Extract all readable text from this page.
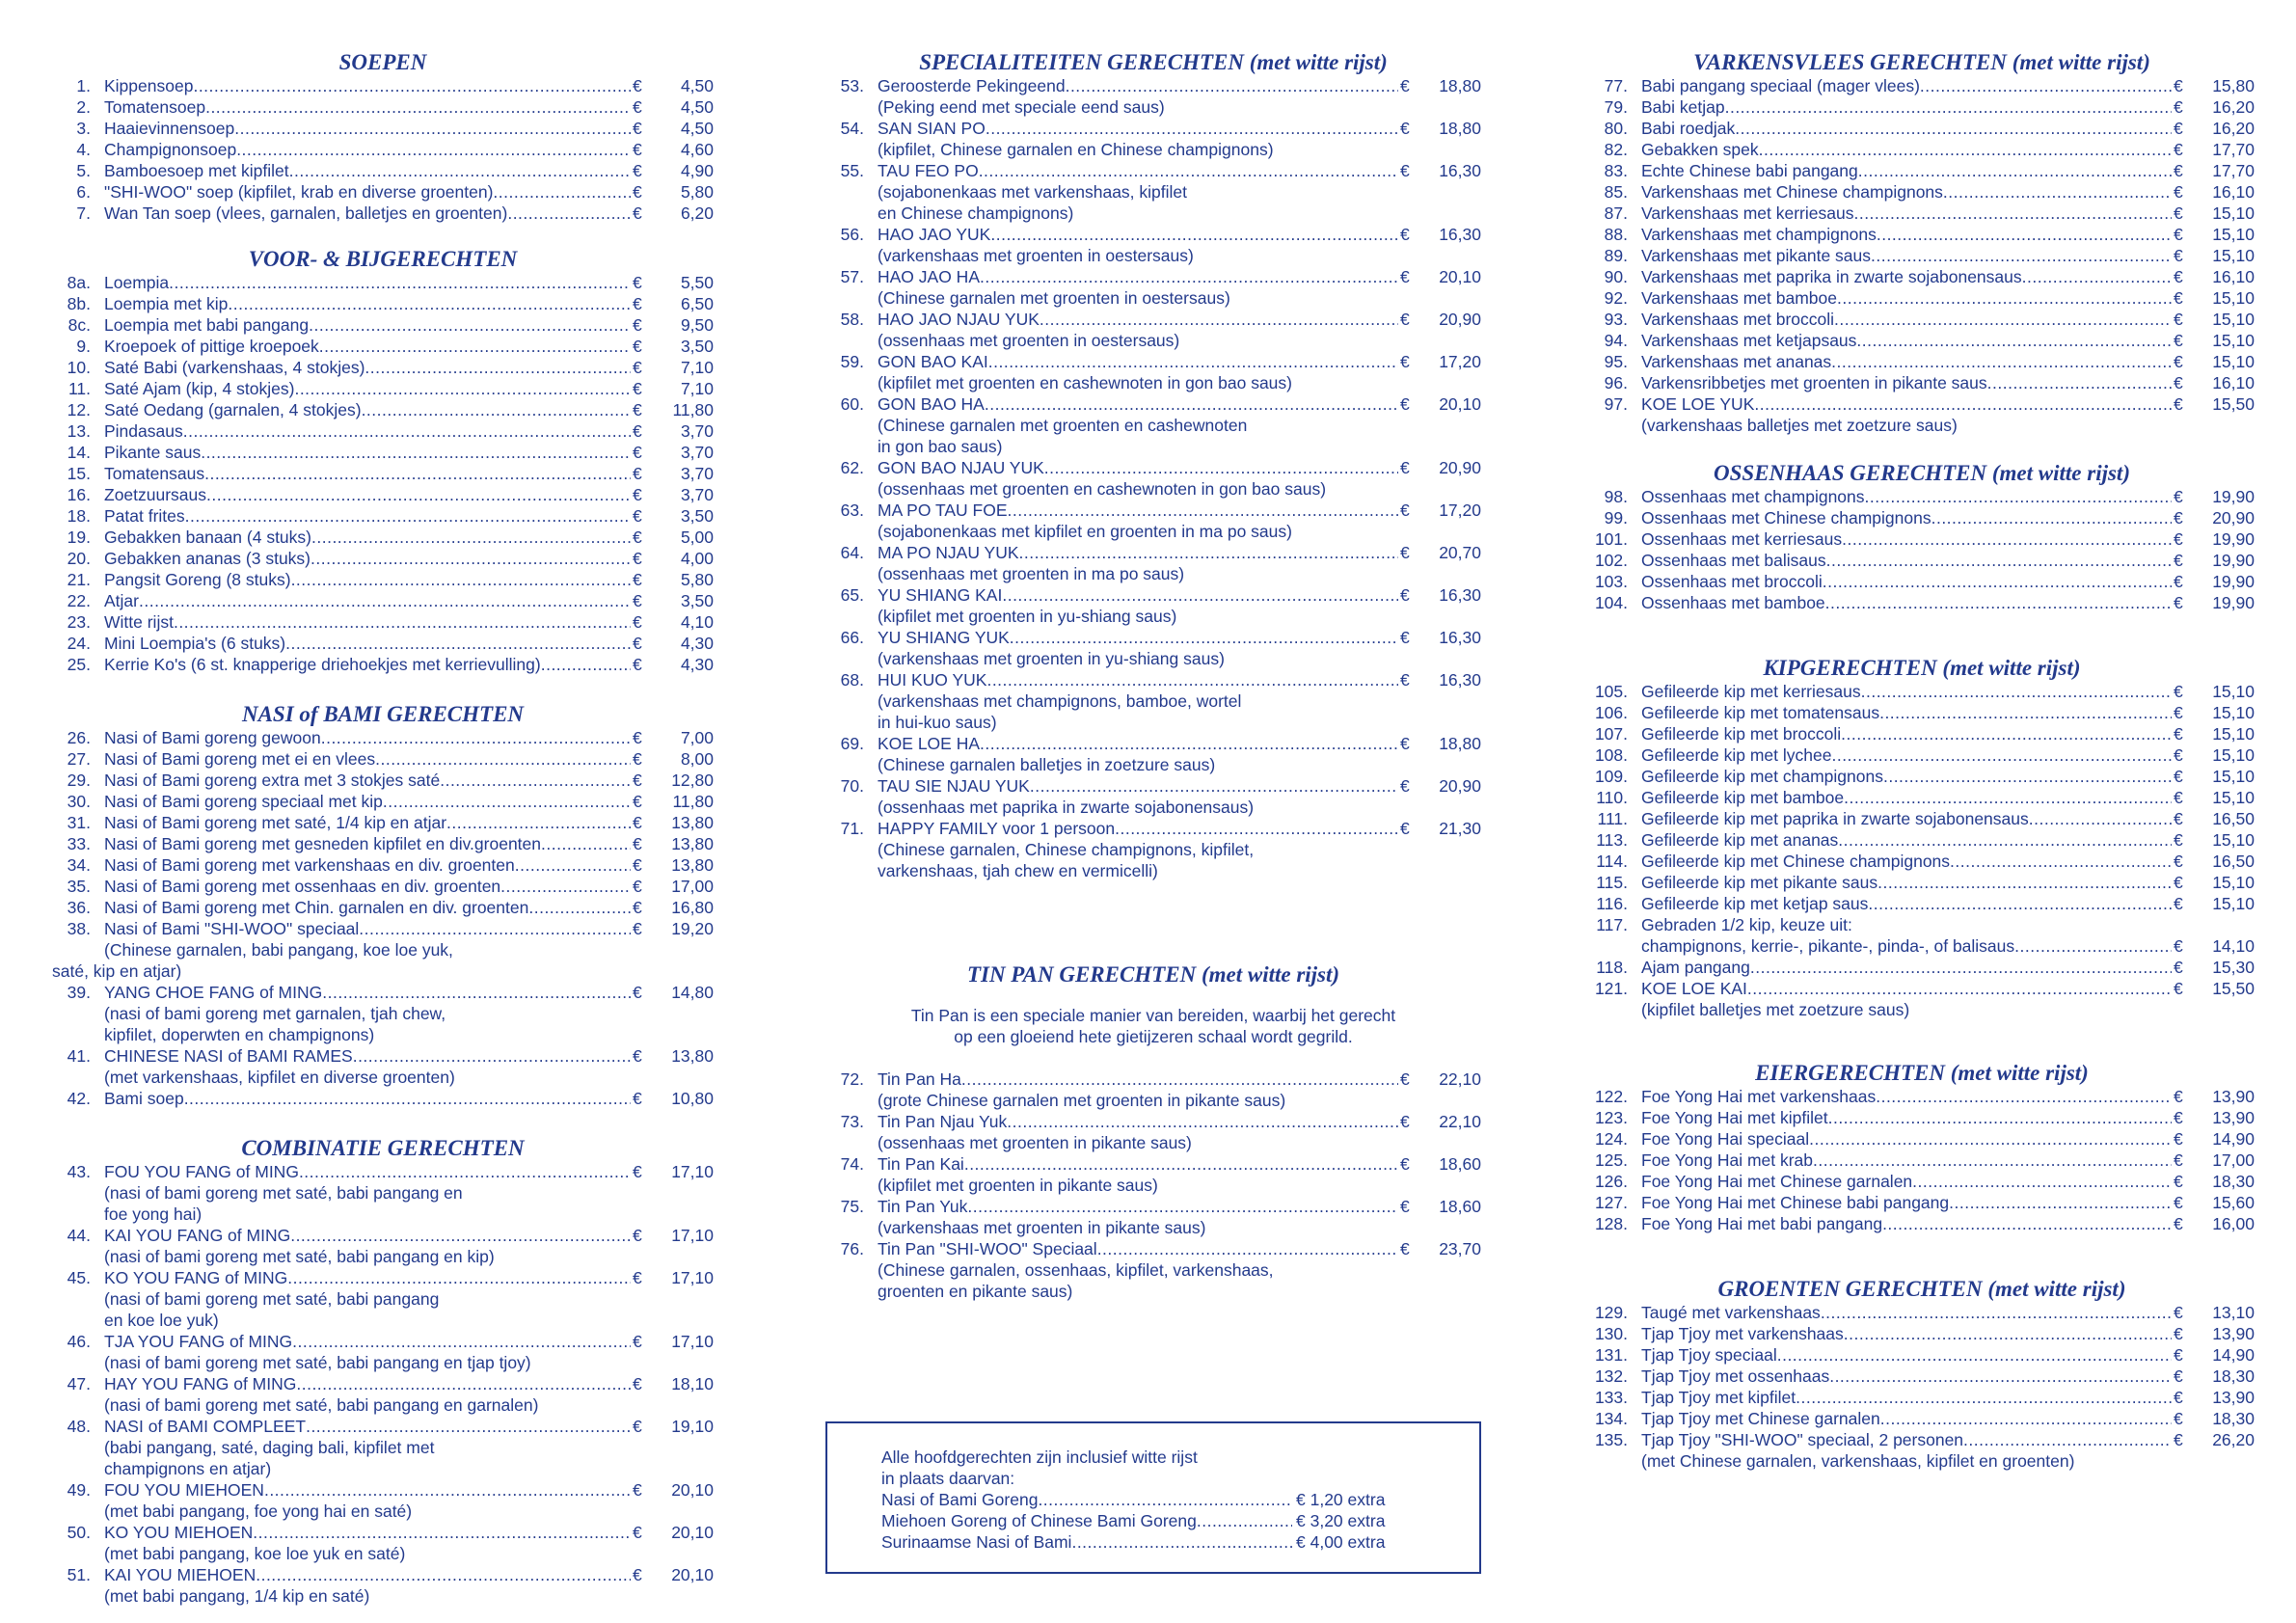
SOEPEN
1. Kippensoep .....	€	4,50
2. Tomatensoep .....	€	4,50
3. Haaievinnensoep .....	€	4,50
4. Champignonsoep .....	€	4,60
5. Bamboesoep met kipfilet .....	€	4,90
6. "SHI-WOO" soep (kipfilet, krab en diverse groenten) .....	€	5,80
7. Wan Tan soep (vlees, garnalen, balletjes en groenten) .....	€	6,20
VOOR- & BIJGERECHTEN
8a. Loempia .....	€	5,50
8b. Loempia met kip .....	€	6,50
8c. Loempia met babi pangang .....	€	9,50
9. Kroepoek of pittige kroepoek .....	€	3,50
10. Saté Babi (varkenshaas, 4 stokjes) .....	€	7,10
11. Saté Ajam (kip, 4 stokjes) .....	€	7,10
12. Saté Oedang (garnalen, 4 stokjes) .....	€	11,80
13. Pindasaus .....	€	3,70
14. Pikante saus .....	€	3,70
15. Tomatensaus .....	€	3,70
16. Zoetzuursaus .....	€	3,70
18. Patat frites .....	€	3,50
19. Gebakken banaan (4 stuks) .....	€	5,00
20. Gebakken ananas (3 stuks) .....	€	4,00
21. Pangsit Goreng (8 stuks) .....	€	5,80
22. Atjar .....	€	3,50
23. Witte rijst .....	€	4,10
24. Mini Loempia's (6 stuks) .....	€	4,30
25. Kerrie Ko's (6 st. knapperige driehoekjes met kerrievulling) .....	€	4,30
NASI of BAMI GERECHTEN
26. Nasi of Bami goreng gewoon .....	€	7,00
27. Nasi of Bami goreng met ei en vlees .....	€	8,00
29. Nasi of Bami goreng extra met 3 stokjes saté .....	€	12,80
30. Nasi of Bami goreng speciaal met kip .....	€	11,80
31. Nasi of Bami goreng met saté, 1/4 kip en atjar .....	€	13,80
33. Nasi of Bami goreng met gesneden kipfilet en div.groenten .....	€	13,80
34. Nasi of Bami goreng met varkenshaas en div. groenten .....	€	13,80
35. Nasi of Bami goreng met ossenhaas en div. groenten .....	€	17,00
36. Nasi of Bami goreng met Chin. garnalen en div. groenten .....	€	16,80
38. Nasi of Bami "SHI-WOO" speciaal .....	€	19,20
(Chinese garnalen, babi pangang, koe loe yuk,
saté, kip en atjar)
39. YANG CHOE FANG of MING .....	€	14,80
(nasi of bami goreng met garnalen, tjah chew,
kipfilet, doperwten en champignons)
41. CHINESE NASI of BAMI RAMES .....	€	13,80
(met varkenshaas, kipfilet en diverse groenten)
42. Bami soep .....	€	10,80
COMBINATIE GERECHTEN
43. FOU YOU FANG of MING .....	€	17,10
(nasi of bami goreng met saté, babi pangang en
foe yong hai)
44. KAI YOU FANG of MING .....	€	17,10
(nasi of bami goreng met saté, babi pangang en kip)
45. KO YOU FANG of MING .....	€	17,10
(nasi of bami goreng met saté, babi pangang
en koe loe yuk)
46. TJA YOU FANG of MING .....	€	17,10
(nasi of bami goreng met saté, babi pangang en tjap tjoy)
47. HAY YOU FANG of MING .....	€	18,10
(nasi of bami goreng met saté, babi pangang en garnalen)
48. NASI of BAMI COMPLEET .....	€	19,10
(babi pangang, saté, daging bali, kipfilet met
champignons en atjar)
49. FOU YOU MIEHOEN .....	€	20,10
(met babi pangang, foe yong hai en saté)
50. KO YOU MIEHOEN .....	€	20,10
(met babi pangang, koe loe yuk en saté)
51. KAI YOU MIEHOEN .....	€	20,10
(met babi pangang, 1/4 kip en saté)
SPECIALITEITEN GERECHTEN (met witte rijst)
53. Geroosterde Pekingeend .....	€	18,80
(Peking eend met speciale eend saus)
54. SAN SIAN PO .....	€	18,80
(kipfilet, Chinese garnalen en Chinese champignons)
55. TAU FEO PO .....	€	16,30
(sojabonenkaas met varkenshaas, kipfilet
en Chinese champignons)
56. HAO JAO YUK .....	€	16,30
(varkenshaas met groenten in oestersaus)
57. HAO JAO HA .....	€	20,10
(Chinese garnalen met groenten in oestersaus)
58. HAO JAO NJAU YUK .....	€	20,90
(ossenhaas met groenten in oestersaus)
59. GON BAO KAI .....	€	17,20
(kipfilet met groenten en cashewnoten in gon bao saus)
60. GON BAO HA .....	€	20,10
(Chinese garnalen met groenten en cashewnoten
in gon bao saus)
62. GON BAO NJAU YUK .....	€	20,90
(ossenhaas met groenten en cashewnoten in gon bao saus)
63. MA PO TAU FOE .....	€	17,20
(sojabonenkaas met kipfilet en groenten in ma po saus)
64. MA PO NJAU YUK .....	€	20,70
(ossenhaas met groenten in ma po saus)
65. YU SHIANG KAI .....	€	16,30
(kipfilet met groenten in yu-shiang saus)
66. YU SHIANG YUK .....	€	16,30
(varkenshaas met groenten in yu-shiang saus)
68. HUI KUO YUK .....	€	16,30
(varkenshaas met champignons, bamboe, wortel
in hui-kuo saus)
69. KOE LOE HA .....	€	18,80
(Chinese garnalen balletjes in zoetzure saus)
70. TAU SIE NJAU YUK .....	€	20,90
(ossenhaas met paprika in zwarte sojabonensaus)
71. HAPPY FAMILY voor 1 persoon .....	€	21,30
(Chinese garnalen, Chinese champignons, kipfilet,
varkenshaas, tjah chew en vermicelli)
TIN PAN GERECHTEN (met witte rijst)
Tin Pan is een speciale manier van bereiden, waarbij het gerecht
op een gloeiend hete gietijzeren schaal wordt gegrild.
72. Tin Pan Ha .....	€	22,10
(grote Chinese garnalen met groenten in pikante saus)
73. Tin Pan Njau Yuk .....	€	22,10
(ossenhaas met groenten in pikante saus)
74. Tin Pan Kai .....	€	18,60
(kipfilet met groenten in pikante saus)
75. Tin Pan Yuk .....	€	18,60
(varkenshaas met groenten in pikante saus)
76. Tin Pan "SHI-WOO" Speciaal .....	€	23,70
(Chinese garnalen, ossenhaas, kipfilet, varkenshaas,
groenten en pikante saus)
Alle hoofdgerechten zijn inclusief witte rijst
in plaats daarvan:
Nasi of Bami Goreng .....	€ 1,20 extra
Miehoen Goreng of Chinese Bami Goreng .....	€ 3,20 extra
Surinaamse Nasi of Bami .....	€ 4,00 extra
VARKENSVLEES GERECHTEN (met witte rijst)
77. Babi pangang speciaal (mager vlees) .....	€	15,80
79. Babi ketjap .....	€	16,20
80. Babi roedjak .....	€	16,20
82. Gebakken spek .....	€	17,70
83. Echte Chinese babi pangang .....	€	17,70
85. Varkenshaas met Chinese champignons .....	€	16,10
87. Varkenshaas met kerriesaus .....	€	15,10
88. Varkenshaas met champignons .....	€	15,10
89. Varkenshaas met pikante saus .....	€	15,10
90. Varkenshaas met paprika in zwarte sojabonensaus .....	€	16,10
92. Varkenshaas met bamboe .....	€	15,10
93. Varkenshaas met broccoli .....	€	15,10
94. Varkenshaas met ketjapsaus .....	€	15,10
95. Varkenshaas met ananas .....	€	15,10
96. Varkensribbetjes met groenten in pikante saus .....	€	16,10
97. KOE LOE YUK .....	€	15,50
(varkenshaas balletjes met zoetzure saus)
OSSENHAAS GERECHTEN (met witte rijst)
98. Ossenhaas met champignons .....	€	19,90
99. Ossenhaas met Chinese champignons .....	€	20,90
101. Ossenhaas met kerriesaus .....	€	19,90
102. Ossenhaas met balisaus .....	€	19,90
103. Ossenhaas met broccoli .....	€	19,90
104. Ossenhaas met bamboe .....	€	19,90
KIPGERECHTEN (met witte rijst)
105. Gefileerde kip met kerriesaus .....	€	15,10
106. Gefileerde kip met tomatensaus .....	€	15,10
107. Gefileerde kip met broccoli .....	€	15,10
108. Gefileerde kip met lychee .....	€	15,10
109. Gefileerde kip met champignons .....	€	15,10
110. Gefileerde kip met bamboe .....	€	15,10
111. Gefileerde kip met paprika in zwarte sojabonensaus .....	€	16,50
113. Gefileerde kip met ananas .....	€	15,10
114. Gefileerde kip met Chinese champignons .....	€	16,50
115. Gefileerde kip met pikante saus .....	€	15,10
116. Gefileerde kip met ketjap saus .....	€	15,10
117. Gebraden 1/2 kip, keuze uit:
champignons, kerrie-, pikante-, pinda-, of balisaus .....	€	14,10
118. Ajam pangang .....	€	15,30
121. KOE LOE KAI .....	€	15,50
(kipfilet balletjes met zoetzure saus)
EIERGERECHTEN (met witte rijst)
122. Foe Yong Hai met varkenshaas .....	€	13,90
123. Foe Yong Hai met kipfilet .....	€	13,90
124. Foe Yong Hai speciaal .....	€	14,90
125. Foe Yong Hai met krab .....	€	17,00
126. Foe Yong Hai met Chinese garnalen .....	€	18,30
127. Foe Yong Hai met Chinese babi pangang .....	€	15,60
128. Foe Yong Hai met babi pangang .....	€	16,00
GROENTEN GERECHTEN (met witte rijst)
129. Taugé met varkenshaas .....	€	13,10
130. Tjap Tjoy met varkenshaas .....	€	13,90
131. Tjap Tjoy speciaal .....	€	14,90
132. Tjap Tjoy met ossenhaas .....	€	18,30
133. Tjap Tjoy met kipfilet .....	€	13,90
134. Tjap Tjoy met Chinese garnalen .....	€	18,30
135. Tjap Tjoy "SHI-WOO" speciaal, 2 personen .....	€	26,20
(met Chinese garnalen, varkenshaas, kipfilet en groenten)
